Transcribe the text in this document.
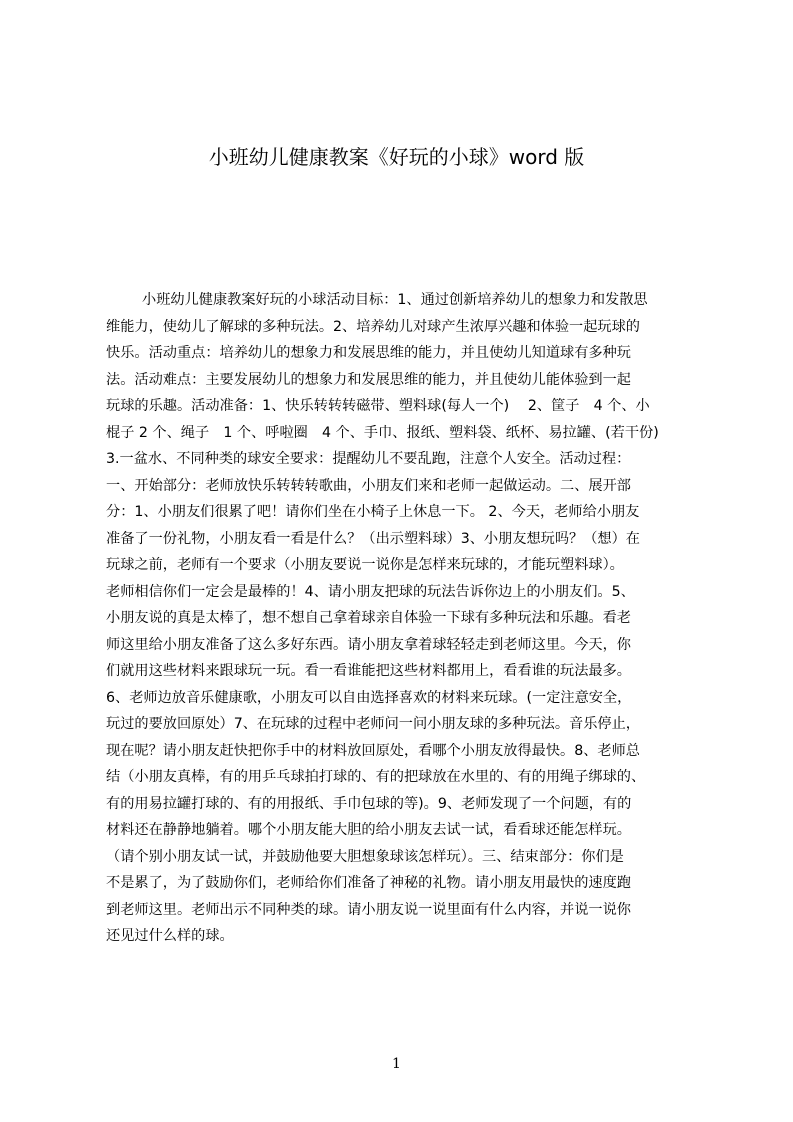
小班幼儿健康教案《好玩的小球》word 版
小班幼儿健康教案好玩的小球活动目标：1、通过创新培养幼儿的想象力和发散思
维能力，使幼儿了解球的多种玩法。2、培养幼儿对球产生浓厚兴趣和体验一起玩球的
快乐。活动重点：培养幼儿的想象力和发展思维的能力，并且使幼儿知道球有多种玩
法。活动难点：主要发展幼儿的想象力和发展思维的能力，并且使幼儿能体验到一起
玩球的乐趣。活动准备：1、快乐转转转磁带、塑料球(每人一个)　 2、筐子　4 个、小
棍子 2 个、绳子　1 个、呼啦圈　4 个、手巾、报纸、塑料袋、纸杯、易拉罐、(若干份)
3.一盆水、不同种类的球安全要求：提醒幼儿不要乱跑，注意个人安全。活动过程：
一、开始部分：老师放快乐转转转歌曲，小朋友们来和老师一起做运动。二、展开部
分：1、小朋友们很累了吧！请你们坐在小椅子上休息一下。 2、今天，老师给小朋友
准备了一份礼物，小朋友看一看是什么？（出示塑料球）3、小朋友想玩吗？（想）在
玩球之前，老师有一个要求（小朋友要说一说你是怎样来玩球的，才能玩塑料球）。
老师相信你们一定会是最棒的！4、请小朋友把球的玩法告诉你边上的小朋友们。5、
小朋友说的真是太棒了，想不想自己拿着球亲自体验一下球有多种玩法和乐趣。看老
师这里给小朋友准备了这么多好东西。请小朋友拿着球轻轻走到老师这里。今天，你
们就用这些材料来跟球玩一玩。看一看谁能把这些材料都用上，看看谁的玩法最多。
6、老师边放音乐健康歌，小朋友可以自由选择喜欢的材料来玩球。(一定注意安全，
玩过的要放回原处）7、在玩球的过程中老师问一问小朋友球的多种玩法。音乐停止，
现在呢？请小朋友赶快把你手中的材料放回原处，看哪个小朋友放得最快。8、老师总
结（小朋友真棒，有的用乒乓球拍打球的、有的把球放在水里的、有的用绳子绑球的、
有的用易拉罐打球的、有的用报纸、手巾包球的等)。9、老师发现了一个问题，有的
材料还在静静地躺着。哪个小朋友能大胆的给小朋友去试一试，看看球还能怎样玩。
（请个别小朋友试一试，并鼓励他要大胆想象球该怎样玩）。三、结束部分：你们是
不是累了，为了鼓励你们，老师给你们准备了神秘的礼物。请小朋友用最快的速度跑
到老师这里。老师出示不同种类的球。请小朋友说一说里面有什么内容，并说一说你
还见过什么样的球。
1
